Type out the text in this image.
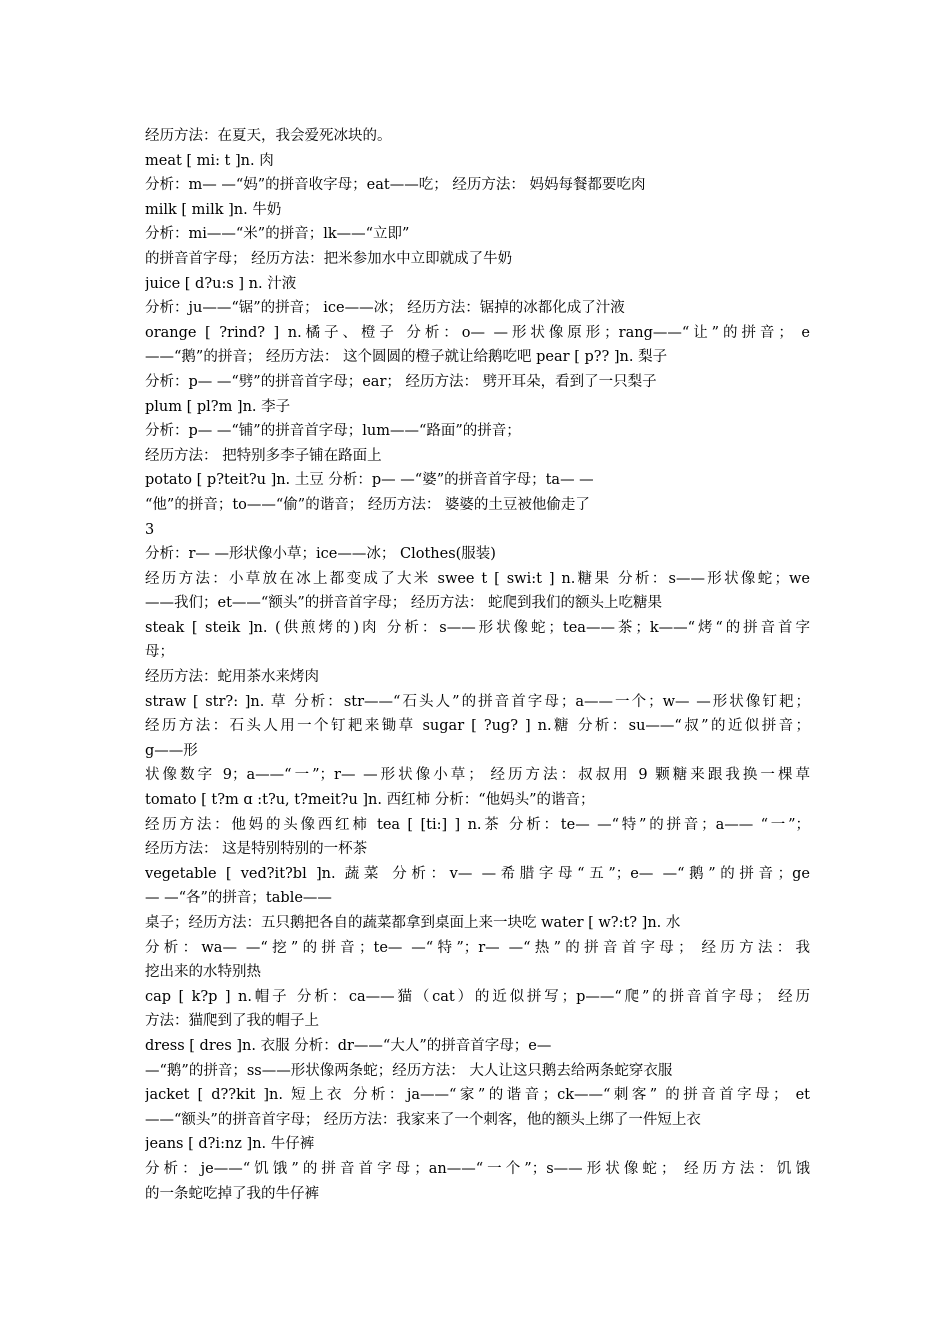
经历方法：在夏天，我会爱死冰块的。
meat [ mi: t ]n. 肉
分析：m— —“妈”的拼音收字母；eat——吃； 经历方法： 妈妈每餐都要吃肉
milk [ milk ]n. 牛奶
分析：mi——“米”的拼音；lk——“立即”
的拼音首字母； 经历方法：把米参加水中立即就成了牛奶
juice [ d?u:s ] n. 汁液
分析：ju——“锯”的拼音； ice——冰； 经历方法：锯掉的冰都化成了汁液
orange [ ?rind? ] n.橘子、橙子 分析：o— —形状像原形；rang——“让”的拼音； e
——“鹅”的拼音； 经历方法： 这个圆圆的橙子就让给鹅吃吧 pear [ p?? ]n. 梨子
分析：p— —“劈”的拼音首字母；ear； 经历方法： 劈开耳朵，看到了一只梨子
plum [ pl?m ]n. 李子
分析：p— —“铺”的拼音首字母；lum——“路面”的拼音；
经历方法： 把特别多李子铺在路面上
potato [ p?teit?u ]n. 土豆 分析：p— —“婆”的拼音首字母；ta— —
“他”的拼音；to——“偷”的谐音； 经历方法： 婆婆的土豆被他偷走了
3
分析：r— —形状像小草；ice——冰； Clothes(服装)
经历方法：小草放在冰上都变成了大米 swee t [ swi:t ] n.糖果 分析：s——形状像蛇；we
——我们；et——“额头”的拼音首字母； 经历方法： 蛇爬到我们的额头上吃糖果
steak [ steik ]n. (供煎烤的)肉 分析：s——形状像蛇；tea——茶；k——“烤“的拼音首字
母；
经历方法：蛇用茶水来烤肉
straw [ str?: ]n. 草 分析：str——“石头人”的拼音首字母；a——一个；w— —形状像钉耙；
经历方法：石头人用一个钉耙来锄草 sugar [ ?ug? ] n.糖 分析：su——“叔”的近似拼音；
g——形
状像数字 9；a——“一”；r— —形状像小草； 经历方法：叔叔用 9 颗糖来跟我换一棵草
tomato [ t?m ɑ :t?u, t?meit?u ]n. 西红柿 分析：“他妈头”的谐音；
经历方法：他妈的头像西红柿 tea [ [ti:] ] n.茶 分析：te— —“特”的拼音；a—— “一”；
经历方法： 这是特别特别的一杯茶
vegetable [ ved?it?bl ]n. 蔬菜 分析：v— —希腊字母“五”；e— —“鹅”的拼音；ge
— —“各”的拼音；table——
桌子；经历方法：五只鹅把各自的蔬菜都拿到桌面上来一块吃 water [ w?:t? ]n. 水
分析：wa— —“挖”的拼音；te— —“特”；r— —“热”的拼音首字母； 经历方法：我
挖出来的水特别热
cap [ k?p ] n.帽子 分析：ca——猫（cat）的近似拼写；p——“爬”的拼音首字母； 经历
方法：猫爬到了我的帽子上
dress [ dres ]n. 衣服 分析：dr——“大人”的拼音首字母；e—
—“鹅”的拼音；ss——形状像两条蛇；经历方法： 大人让这只鹅去给两条蛇穿衣服
jacket [ d??kit ]n. 短上衣 分析：ja——“家”的谐音；ck——“刺客” 的拼音首字母； et
——“额头”的拼音首字母； 经历方法：我家来了一个刺客，他的额头上绑了一件短上衣
jeans [ d?i:nz ]n. 牛仔裤
分析：je——“饥饿”的拼音首字母；an——“一个”；s——形状像蛇； 经历方法：饥饿
的一条蛇吃掉了我的牛仔裤
